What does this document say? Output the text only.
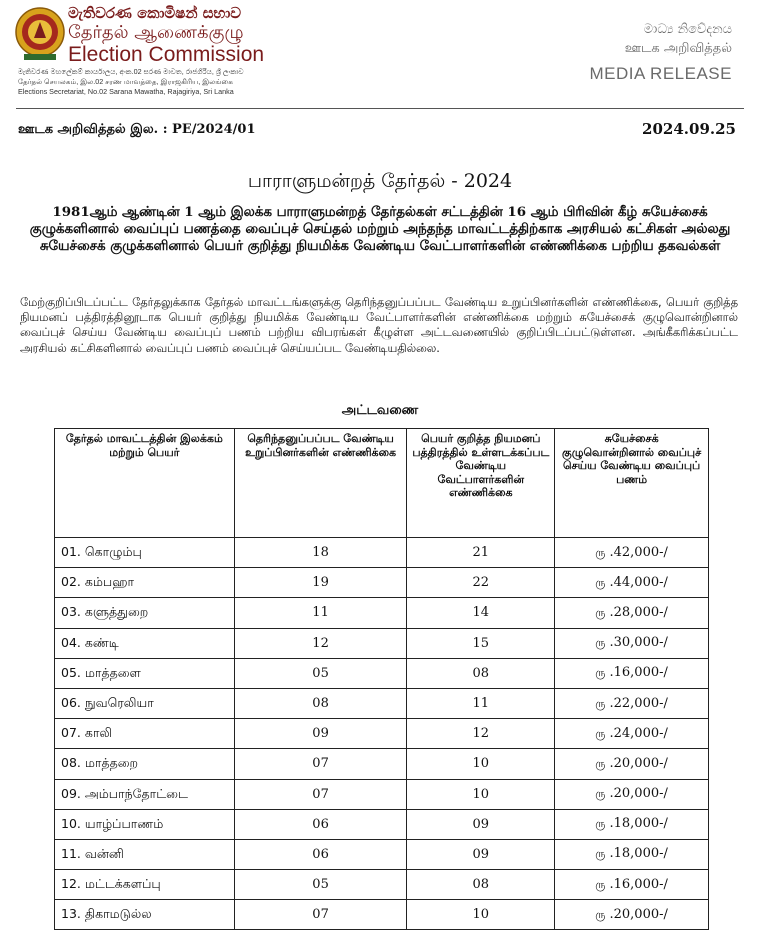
මැතිවරණ කොමිෂන් සභාව
தேர்தல் ஆணைக்குழு
Election Commission
මැතිවරණ මහලේකම් කාර්යාලය, අංක.02 සරණ මාවත, රාජගිරිය, ශ්‍රී ලංකාව
தேர்தல் செயலகம், இல.02 சரண மாவத்தை, இராஜகிரிய, இலங்கை
Elections Secretariat, No.02 Sarana Mawatha, Rajagiriya, Sri Lanka
මාධ්‍ය නිවේදනය
ஊடக அறிவித்தல்
MEDIA RELEASE
ஊடக அறிவித்தல் இல. : PE/2024/01	2024.09.25
பாராளுமன்றத் தேர்தல் - 2024
1981ஆம் ஆண்டின் 1 ஆம் இலக்க பாராளுமன்றத் தேர்தல்கள் சட்டத்தின் 16 ஆம் பிரிவின் கீழ் சுயேச்சைக் குழுக்களினால் வைப்புப் பணத்தை வைப்புச் செய்தல் மற்றும் அந்தந்த மாவட்டத்திற்காக அரசியல் கட்சிகள் அல்லது சுயேச்சைக் குழுக்களினால் பெயர் குறித்து நியமிக்க வேண்டிய வேட்பாளர்களின் எண்ணிக்கை பற்றிய தகவல்கள்
மேற்குறிப்பிடப்பட்ட தேர்தலுக்காக தேர்தல் மாவட்டங்களுக்கு தெரிந்தனுப்பப்பட வேண்டிய உறுப்பினர்களின் எண்ணிக்கை, பெயர் குறித்த நியமனப் பத்திரத்தினூடாக பெயர் குறித்து நியமிக்க வேண்டிய வேட்பாளர்களின் எண்ணிக்கை மற்றும் சுயேச்சைக் குழுவொன்றினால் வைப்புச் செய்ய வேண்டிய வைப்புப் பணம் பற்றிய விபரங்கள் கீழுள்ள அட்டவணையில் குறிப்பிடப்பட்டுள்ளன. அங்கீகரிக்கப்பட்ட அரசியல் கட்சிகளினால் வைப்புப் பணம் வைப்புச் செய்யப்பட வேண்டியதில்லை.
அட்டவணை
தேர்தல் மாவட்டத்தின் இலக்கம் மற்றும் பெயர்	தெரிந்தனுப்பப்பட வேண்டிய உறுப்பினர்களின் எண்ணிக்கை	பெயர் குறித்த நியமனப் பத்திரத்தில் உள்ளடக்கப்பட வேண்டிய வேட்பாளர்களின் எண்ணிக்கை	சுயேச்சைக் குழுவொன்றினால் வைப்புச் செய்ய வேண்டிய வைப்புப் பணம்
01. கொழும்பு	18	21	ரு .42,000-/
02. கம்பஹா	19	22	ரு .44,000-/
03. களுத்துறை	11	14	ரு .28,000-/
04. கண்டி	12	15	ரு .30,000-/
05. மாத்தளை	05	08	ரு .16,000-/
06. நுவரெலியா	08	11	ரு .22,000-/
07. காலி	09	12	ரு .24,000-/
08. மாத்தறை	07	10	ரு .20,000-/
09. அம்பாந்தோட்டை	07	10	ரு .20,000-/
10. யாழ்ப்பாணம்	06	09	ரு .18,000-/
11. வன்னி	06	09	ரு .18,000-/
12. மட்டக்களப்பு	05	08	ரு .16,000-/
13. திகாமடுல்ல	07	10	ரு .20,000-/
